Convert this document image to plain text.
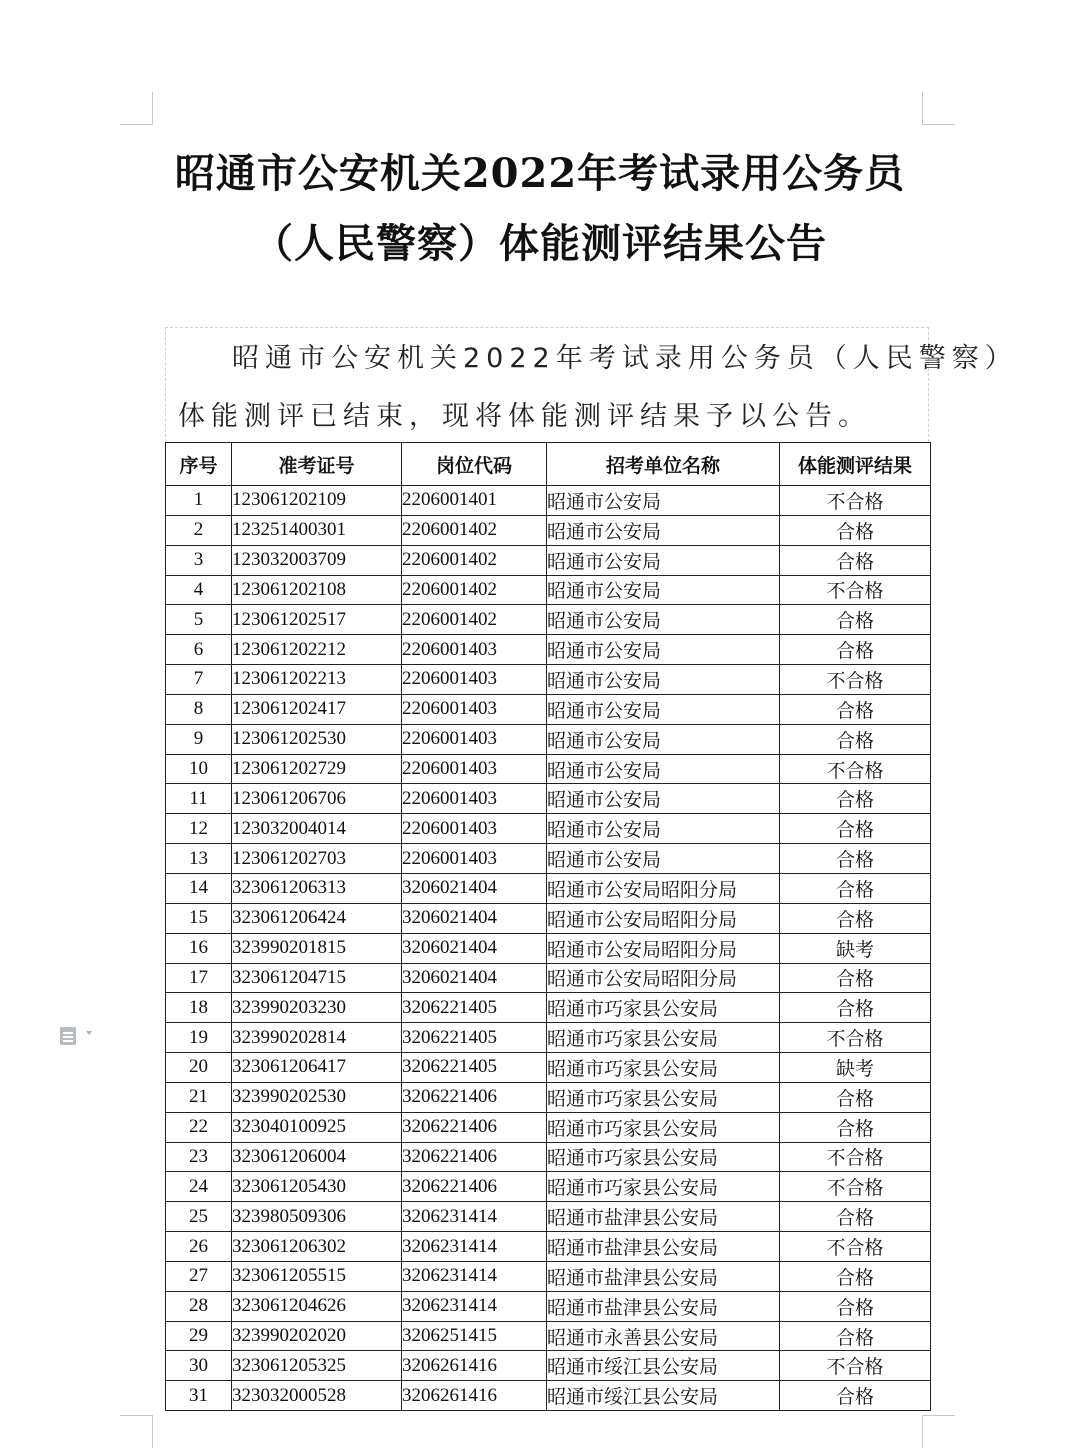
昭通市公安机关2022年考试录用公务员
（人民警察）体能测评结果公告
昭通市公安机关2022年考试录用公务员（人民警察）
体能测评已结束，现将体能测评结果予以公告。
序号	准考证号	岗位代码	招考单位名称	体能测评结果
1	123061202109	2206001401	昭通市公安局	不合格
2	123251400301	2206001402	昭通市公安局	合格
3	123032003709	2206001402	昭通市公安局	合格
4	123061202108	2206001402	昭通市公安局	不合格
5	123061202517	2206001402	昭通市公安局	合格
6	123061202212	2206001403	昭通市公安局	合格
7	123061202213	2206001403	昭通市公安局	不合格
8	123061202417	2206001403	昭通市公安局	合格
9	123061202530	2206001403	昭通市公安局	合格
10	123061202729	2206001403	昭通市公安局	不合格
11	123061206706	2206001403	昭通市公安局	合格
12	123032004014	2206001403	昭通市公安局	合格
13	123061202703	2206001403	昭通市公安局	合格
14	323061206313	3206021404	昭通市公安局昭阳分局	合格
15	323061206424	3206021404	昭通市公安局昭阳分局	合格
16	323990201815	3206021404	昭通市公安局昭阳分局	缺考
17	323061204715	3206021404	昭通市公安局昭阳分局	合格
18	323990203230	3206221405	昭通市巧家县公安局	合格
19	323990202814	3206221405	昭通市巧家县公安局	不合格
20	323061206417	3206221405	昭通市巧家县公安局	缺考
21	323990202530	3206221406	昭通市巧家县公安局	合格
22	323040100925	3206221406	昭通市巧家县公安局	合格
23	323061206004	3206221406	昭通市巧家县公安局	不合格
24	323061205430	3206221406	昭通市巧家县公安局	不合格
25	323980509306	3206231414	昭通市盐津县公安局	合格
26	323061206302	3206231414	昭通市盐津县公安局	不合格
27	323061205515	3206231414	昭通市盐津县公安局	合格
28	323061204626	3206231414	昭通市盐津县公安局	合格
29	323990202020	3206251415	昭通市永善县公安局	合格
30	323061205325	3206261416	昭通市绥江县公安局	不合格
31	323032000528	3206261416	昭通市绥江县公安局	合格
